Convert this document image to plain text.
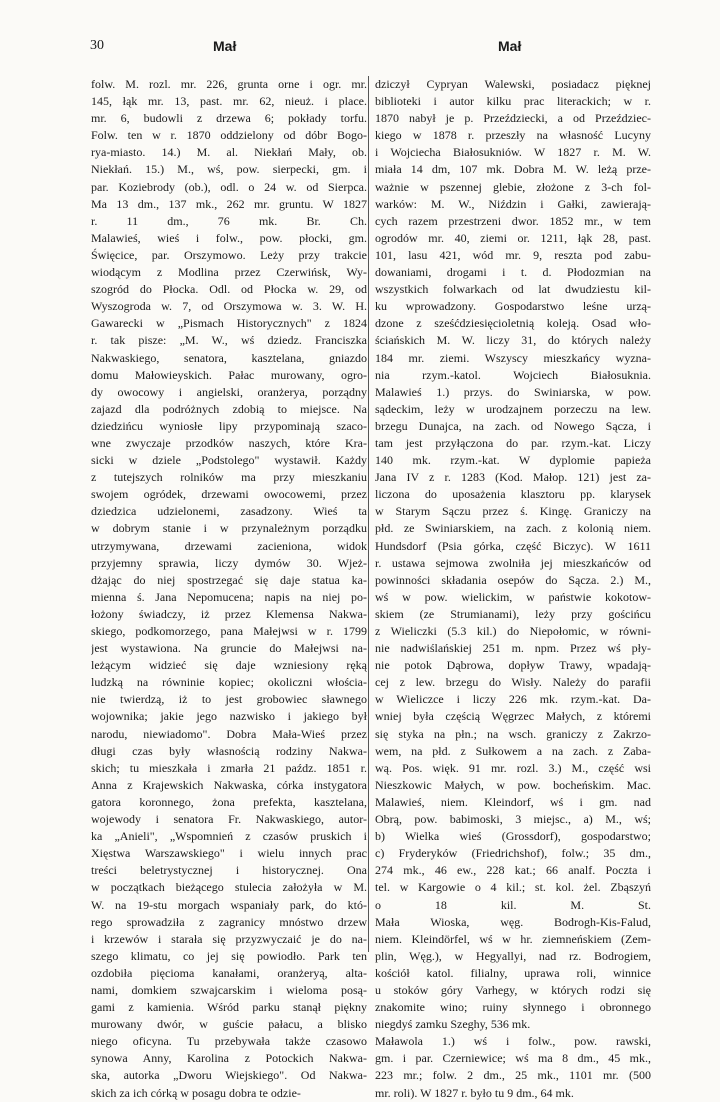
30	Mał	Mał
folw. M. rozl. mr. 226, grunta orne i ogr. mr.
145, łąk mr. 13, past. mr. 62, nieuż. i place.
mr. 6, budowli z drzewa 6; pokłady torfu.
Folw. ten w r. 1870 oddzielony od dóbr Bogo-
rya-miasto. 14.) M. al. Niekłań Mały, ob.
Niekłań. 15.) M., wś, pow. sierpecki, gm. i
par. Koziebrody (ob.), odl. o 24 w. od Sierpca.
Ma 13 dm., 137 mk., 262 mr. gruntu. W 1827
r. 11 dm., 76 mk. Br. Ch.
Malawieś, wieś i folw., pow. płocki, gm.
Święcice, par. Orszymowo. Leży przy trakcie
wiodącym z Modlina przez Czerwińsk, Wy-
szogród do Płocka. Odl. od Płocka w. 29, od
Wyszogroda w. 7, od Orszymowa w. 3. W. H.
Gawarecki w „Pismach Historycznych" z 1824
r. tak pisze: „M. W., wś dziedz. Franciszka
Nakwaskiego, senatora, kasztelana, gniazdo
domu Małowieyskich. Pałac murowany, ogro-
dy owocowy i angielski, oranżerya, porządny
zajazd dla podróżnych zdobią to miejsce. Na
dziedzińcu wyniosłe lipy przypominają szaco-
wne zwyczaje przodków naszych, które Kra-
sicki w dziele „Podstolego" wystawił. Każdy
z tutejszych rolników ma przy mieszkaniu
swojem ogródek, drzewami owocowemi, przez
dziedzica udzielonemi, zasadzony. Wieś ta
w dobrym stanie i w przynależnym porządku
utrzymywana, drzewami zacieniona, widok
przyjemny sprawia, liczy dymów 30. Wjeż-
dżając do niej spostrzegać się daje statua ka-
mienna ś. Jana Nepomucena; napis na niej po-
łożony świadczy, iż przez Klemensa Nakwa-
skiego, podkomorzego, pana Małejwsi w r. 1799
jest wystawiona. Na gruncie do Małejwsi na-
leżącym widzieć się daje wzniesiony ręką
ludzką na równinie kopiec; okoliczni włościa-
nie twierdzą, iż to jest grobowiec sławnego
wojownika; jakie jego nazwisko i jakiego był
narodu, niewiadomo". Dobra Mała-Wieś przez
długi czas były własnością rodziny Nakwa-
skich; tu mieszkała i zmarła 21 paźdz. 1851 r.
Anna z Krajewskich Nakwaska, córka instygatora
gatora koronnego, żona prefekta, kasztelana,
wojewody i senatora Fr. Nakwaskiego, autor-
ka „Anieli", „Wspomnień z czasów pruskich i
Xięstwa Warszawskiego" i wielu innych prac
treści beletrystycznej i historycznej. Ona
w początkach bieżącego stulecia założyła w M.
W. na 19-stu morgach wspaniały park, do któ-
rego sprowadziła z zagranicy mnóstwo drzew
i krzewów i starała się przyzwyczaić je do na-
szego klimatu, co jej się powiodło. Park ten
ozdobiła pięcioma kanałami, oranżeryą, alta-
nami, domkiem szwajcarskim i wieloma posą-
gami z kamienia. Wśród parku stanął piękny
murowany dwór, w guście pałacu, a blisko
niego oficyna. Tu przebywała także czasowo
synowa Anny, Karolina z Potockich Nakwa-
ska, autorka „Dworu Wiejskiego". Od Nakwa-
skich za ich córką w posagu dobra te odzie-
dziczył Cypryan Walewski, posiadacz pięknej
biblioteki i autor kilku prac literackich; w r.
1870 nabył je p. Przeździecki, a od Przeździec-
kiego w 1878 r. przeszły na własność Lucyny
i Wojciecha Białosukniów. W 1827 r. M. W.
miała 14 dm, 107 mk. Dobra M. W. leżą prze-
ważnie w pszennej glebie, złożone z 3-ch fol-
warków: M. W., Niździn i Gałki, zawierają-
cych razem przestrzeni dwor. 1852 mr., w tem
ogrodów mr. 40, ziemi or. 1211, łąk 28, past.
101, lasu 421, wód mr. 9, reszta pod zabu-
dowaniami, drogami i t. d. Płodozmian na
wszystkich folwarkach od lat dwudziestu kil-
ku wprowadzony. Gospodarstwo leśne urzą-
dzone z sześćdziesięcioletnią koleją. Osad wło-
ściańskich M. W. liczy 31, do których należy
184 mr. ziemi. Wszyscy mieszkańcy wyzna-
nia rzym.-katol. Wojciech Białosuknia.
Malawieś 1.) przys. do Swiniarska, w pow.
sądeckim, leży w urodzajnem porzeczu na lew.
brzegu Dunajca, na zach. od Nowego Sącza, i
tam jest przyłączona do par. rzym.-kat. Liczy
140 mk. rzym.-kat. W dyplomie papieża
Jana IV z r. 1283 (Kod. Małop. 121) jest za-
liczona do uposażenia klasztoru pp. klarysek
w Starym Sączu przez ś. Kingę. Graniczy na
płd. ze Swiniarskiem, na zach. z kolonią niem.
Hundsdorf (Psia górka, część Biczyc). W 1611
r. ustawa sejmowa zwolniła jej mieszkańców od
powinności składania osepów do Sącza. 2.) M.,
wś w pow. wielickim, w państwie kokotow-
skiem (ze Strumianami), leży przy gościńcu
z Wieliczki (5.3 kil.) do Niepołomic, w równi-
nie nadwiślańskiej 251 m. npm. Przez wś pły-
nie potok Dąbrowa, dopływ Trawy, wpadają-
cej z lew. brzegu do Wisły. Należy do parafii
w Wieliczce i liczy 226 mk. rzym.-kat. Da-
wniej była częścią Węgrzec Małych, z któremi
się styka na płn.; na wsch. graniczy z Zakrzo-
wem, na płd. z Sułkowem a na zach. z Zaba-
wą. Pos. więk. 91 mr. rozl. 3.) M., część wsi
Nieszkowic Małych, w pow. bocheńskim. Mac.
Malawieś, niem. Kleindorf, wś i gm. nad
Obrą, pow. babimoski, 3 miejsc., a) M., wś;
b) Wielka wieś (Grossdorf), gospodarstwo;
c) Fryderyków (Friedrichshof), folw.; 35 dm.,
274 mk., 46 ew., 228 kat.; 66 analf. Poczta i
tel. w Kargowie o 4 kil.; st. kol. żel. Zbąszyń
o 18 kil. M. St.
Mała Wioska, węg. Bodrogh-Kis-Falud,
niem. Kleindörfel, wś w hr. ziemneńskiem (Zem-
plin, Węg.), w Hegyallyi, nad rz. Bodrogiem,
kościół katol. filialny, uprawa roli, winnice
u stoków góry Varhegy, w których rodzi się
znakomite wino; ruiny słynnego i obronnego
niegdyś zamku Szeghy, 536 mk.
Maławola 1.) wś i folw., pow. rawski,
gm. i par. Czerniewice; wś ma 8 dm., 45 mk.,
223 mr.; folw. 2 dm., 25 mk., 1101 mr. (500
mr. roli). W 1827 r. było tu 9 dm., 64 mk.
